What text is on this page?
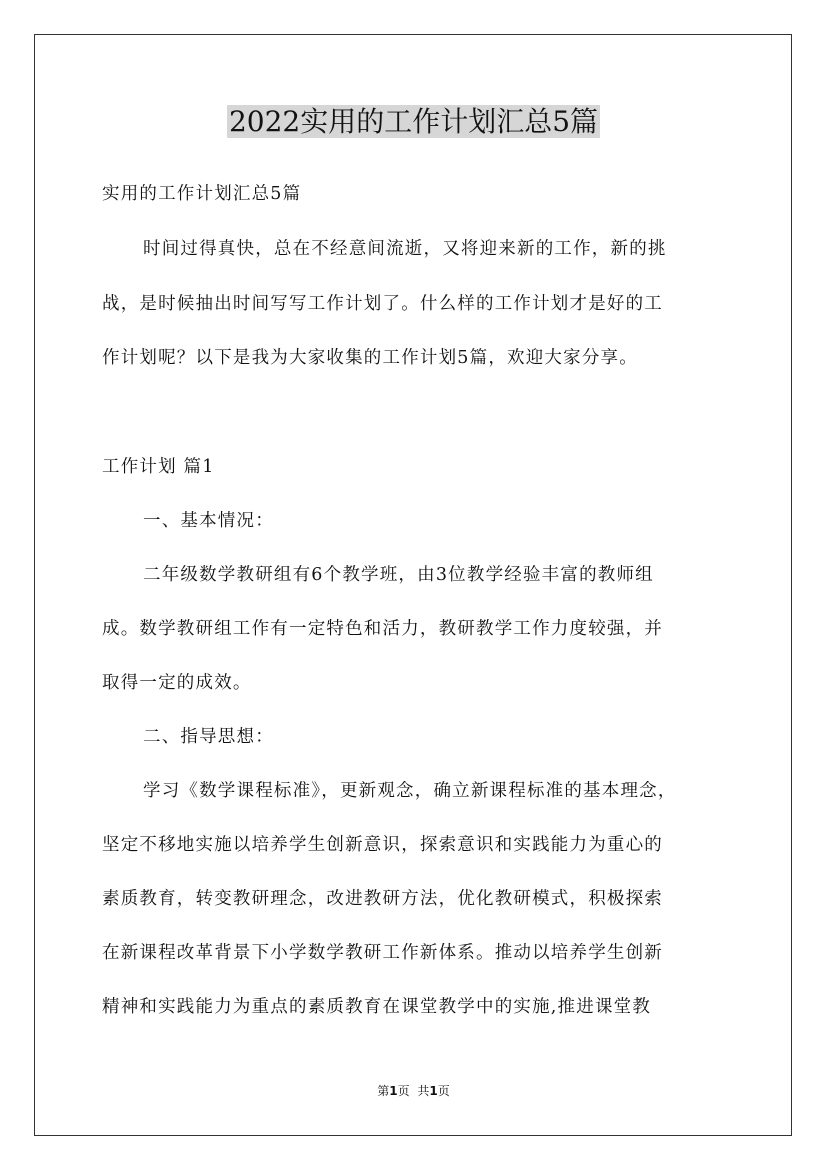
2022实用的工作计划汇总5篇

实用的工作计划汇总5篇

时间过得真快，总在不经意间流逝，又将迎来新的工作，新的挑

战，是时候抽出时间写写工作计划了。什么样的工作计划才是好的工

作计划呢？以下是我为大家收集的工作计划5篇，欢迎大家分享。

工作计划 篇1

一、基本情况：

二年级数学教研组有6个教学班，由3位教学经验丰富的教师组

成。数学教研组工作有一定特色和活力，教研教学工作力度较强，并

取得一定的成效。

二、指导思想：

学习《数学课程标准》，更新观念，确立新课程标准的基本理念，

坚定不移地实施以培养学生创新意识，探索意识和实践能力为重心的

素质教育，转变教研理念，改进教研方法，优化教研模式，积极探索

在新课程改革背景下小学数学教研工作新体系。推动以培养学生创新

精神和实践能力为重点的素质教育在课堂教学中的实施,推进课堂教

第1页 共1页
